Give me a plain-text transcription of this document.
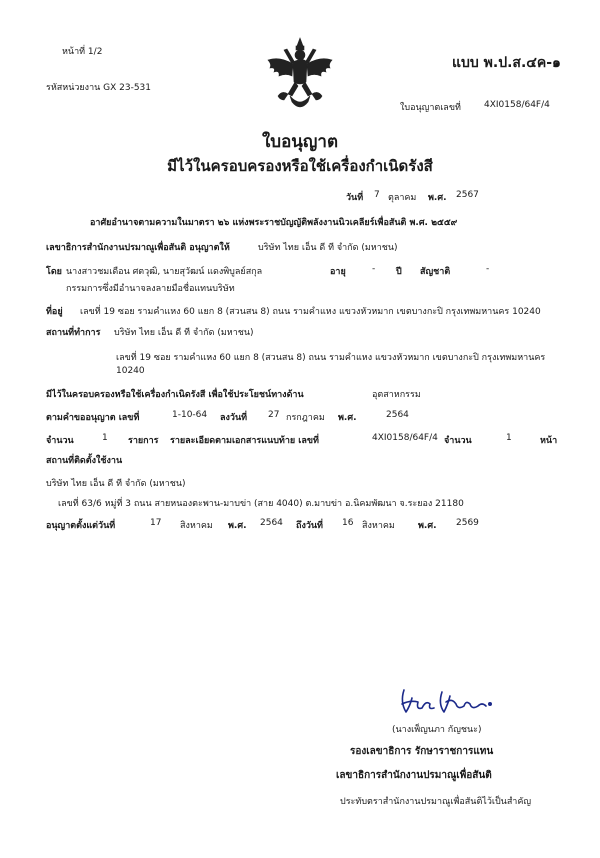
หน้าที่ 1/2
รหัสหน่วยงาน GX 23-531
แบบ พ.ป.ส.๔ค-๑
ใบอนุญาตเลขที่	4XI0158/64F/4
ใบอนุญาต
มีไว้ในครอบครองหรือใช้เครื่องกำเนิดรังสี
วันที่ 7 ตุลาคม พ.ศ. 2567
อาศัยอำนาจตามความในมาตรา ๒๖ แห่งพระราชบัญญัติพลังงานนิวเคลียร์เพื่อสันติ พ.ศ. ๒๕๕๙
เลขาธิการสำนักงานปรมาณูเพื่อสันติ อนุญาตให้	บริษัท ไทย เอ็น ดี ที จำกัด (มหาชน)
โดย นางสาวชมเดือน ศตวุฒิ, นายสุวัฒน์ แดงพิบูลย์สกุล	อายุ	- ปี สัญชาติ	-
กรรมการซึ่งมีอำนาจลงลายมือชื่อแทนบริษัท
ที่อยู่ เลขที่ 19 ซอย รามคำแหง 60 แยก 8 (สวนสน 8) ถนน รามคำแหง แขวงหัวหมาก เขตบางกะปิ กรุงเทพมหานคร 10240
สถานที่ทำการ บริษัท ไทย เอ็น ดี ที จำกัด (มหาชน)
เลขที่ 19 ซอย รามคำแหง 60 แยก 8 (สวนสน 8) ถนน รามคำแหง แขวงหัวหมาก เขตบางกะปิ กรุงเทพมหานคร
10240
มีไว้ในครอบครองหรือใช้เครื่องกำเนิดรังสี เพื่อใช้ประโยชน์ทางด้าน	อุตสาหกรรม
ตามคำขออนุญาต เลขที่	1-10-64 ลงวันที่ 27 กรกฎาคม พ.ศ.	2564
จำนวน	1 รายการ รายละเอียดตามเอกสารแนบท้าย เลขที่	4XI0158/64F/4 จำนวน	1	หน้า
สถานที่ติดตั้งใช้งาน
บริษัท ไทย เอ็น ดี ที จำกัด (มหาชน)
เลขที่ 63/6 หมู่ที่ 3 ถนน สายหนองตะพาน-มาบข่า (สาย 4040) ต.มาบข่า อ.นิคมพัฒนา จ.ระยอง 21180
อนุญาตตั้งแต่วันที่	17 สิงหาคม พ.ศ. 2564 ถึงวันที่ 16 สิงหาคม	พ.ศ. 2569
(นางเพ็ญนภา กัญชนะ)
รองเลขาธิการ รักษาราชการแทน
เลขาธิการสำนักงานปรมาณูเพื่อสันติ
ประทับตราสำนักงานปรมาณูเพื่อสันติไว้เป็นสำคัญ
